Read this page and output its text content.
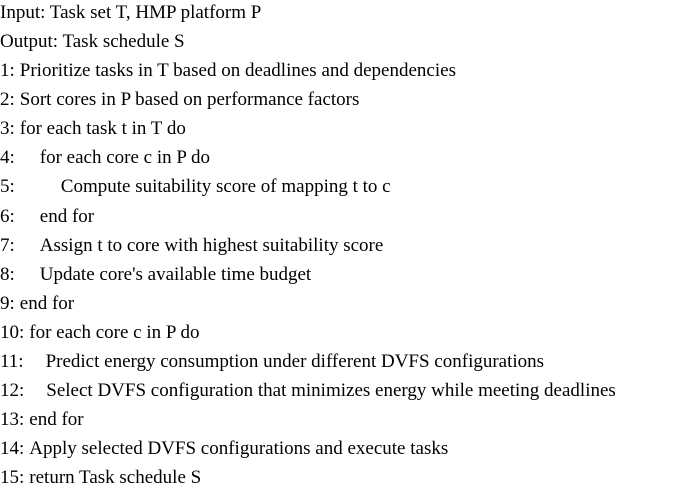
Input: Task set T, HMP platform P
Output: Task schedule S
1: Prioritize tasks in T based on deadlines and dependencies
2: Sort cores in P based on performance factors
3: for each task t in T do
4: for each core c in P do
5: Compute suitability score of mapping t to c
6: end for
7: Assign t to core with highest suitability score
8: Update core's available time budget
9: end for
10: for each core c in P do
11: Predict energy consumption under different DVFS configurations
12: Select DVFS configuration that minimizes energy while meeting deadlines
13: end for
14: Apply selected DVFS configurations and execute tasks
15: return Task schedule S
